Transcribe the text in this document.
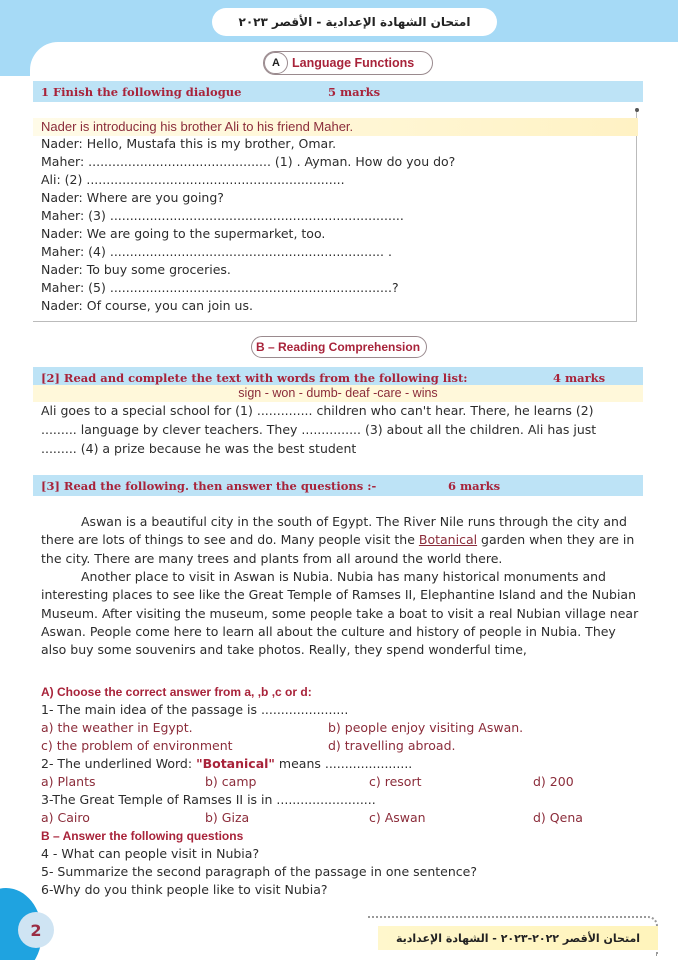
امتحان الشهادة الإعدادية - الأقصر ٢٠٢٣
A Language Functions
1 Finish the following dialogue	5 marks
Nader is introducing his brother Ali to his friend Maher.
Nader: Hello, Mustafa this is my brother, Omar.
Maher: .............................................. (1) . Ayman. How do you do?
Ali: (2) .................................................................
Nader: Where are you going?
Maher: (3) ..........................................................................
Nader: We are going to the supermarket, too.
Maher: (4) ..................................................................... .
Nader: To buy some groceries.
Maher: (5) .......................................................................?
Nader: Of course, you can join us.
B – Reading Comprehension
[2] Read and complete the text with words from the following list:	4 marks
sign - won - dumb- deaf -care - wins
Ali goes to a special school for (1) .............. children who can't hear. There, he learns (2)
......... language by clever teachers. They ............... (3) about all the children. Ali has just
......... (4) a prize because he was the best student
[3] Read the following. then answer the questions :-	6 marks
Aswan is a beautiful city in the south of Egypt. The River Nile runs through the city and there are lots of things to see and do. Many people visit the Botanical garden when they are in the city. There are many trees and plants from all around the world there.
Another place to visit in Aswan is Nubia. Nubia has many historical monuments and interesting places to see like the Great Temple of Ramses II, Elephantine Island and the Nubian Museum. After visiting the museum, some people take a boat to visit a real Nubian village near Aswan. People come here to learn all about the culture and history of people in Nubia. They also buy some souvenirs and take photos. Really, they spend wonderful time,
A) Choose the correct answer from a, ,b ,c or d:
1- The main idea of the passage is ......................
a) the weather in Egypt.	b) people enjoy visiting Aswan.
c) the problem of environment	d) travelling abroad.
2- The underlined Word: "Botanical" means ......................
a) Plants	b) camp	c) resort	d) 200
3-The Great Temple of Ramses II is in .........................
a) Cairo	b) Giza	c) Aswan	d) Qena
B – Answer the following questions
4 - What can people visit in Nubia?
5- Summarize the second paragraph of the passage in one sentence?
6-Why do you think people like to visit Nubia?
2	امتحان الأقصر ٢٠٢٢-٢٠٢٣ - الشهادة الإعدادية
